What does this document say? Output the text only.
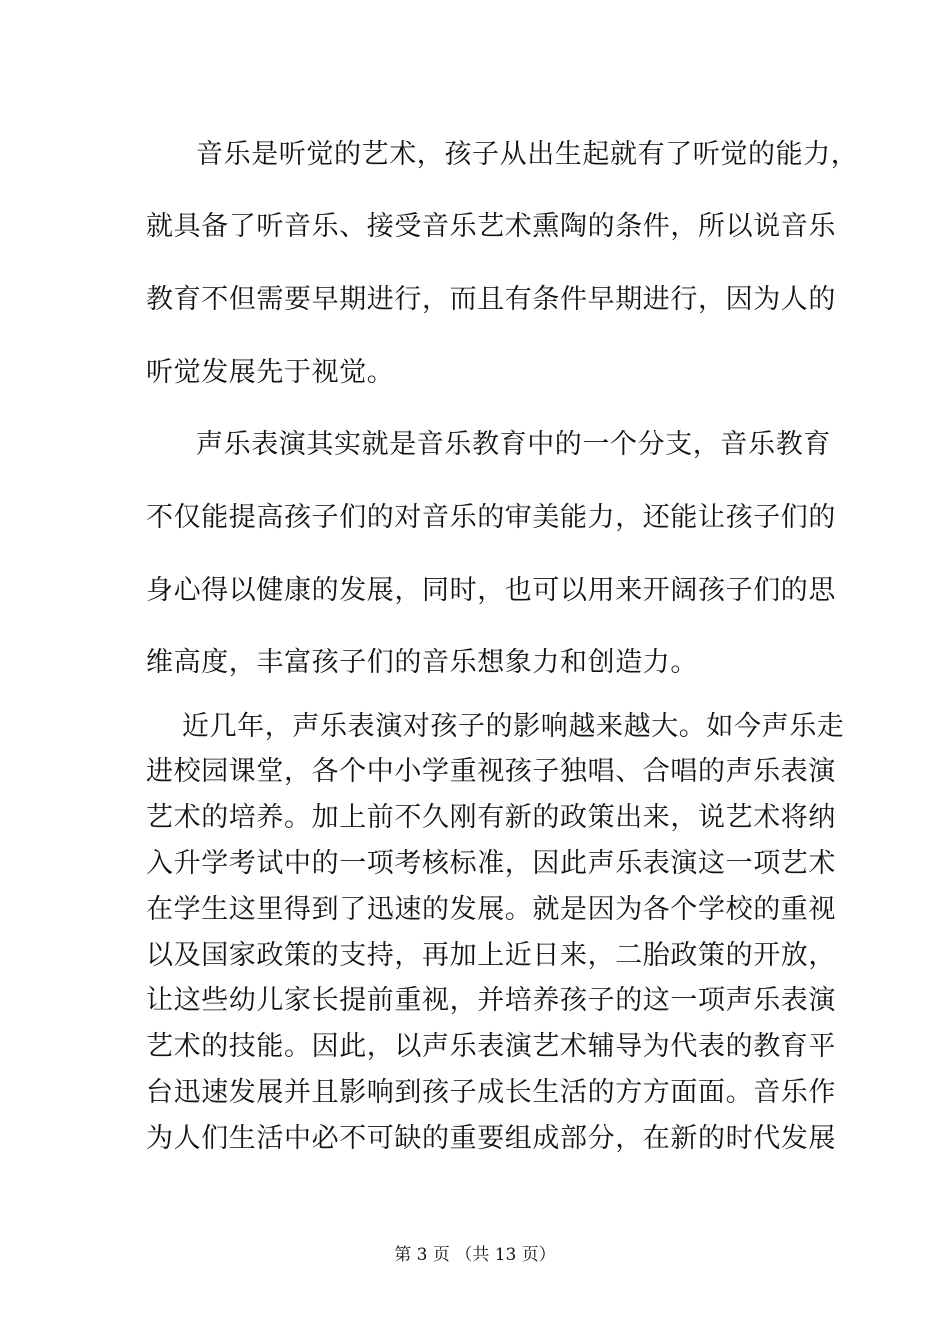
音乐是听觉的艺术，孩子从出生起就有了听觉的能力，
就具备了听音乐、接受音乐艺术熏陶的条件，所以说音乐
教育不但需要早期进行，而且有条件早期进行，因为人的
听觉发展先于视觉。
声乐表演其实就是音乐教育中的一个分支，音乐教育
不仅能提高孩子们的对音乐的审美能力，还能让孩子们的
身心得以健康的发展，同时，也可以用来开阔孩子们的思
维高度，丰富孩子们的音乐想象力和创造力。
近几年，声乐表演对孩子的影响越来越大。如今声乐走
进校园课堂，各个中小学重视孩子独唱、合唱的声乐表演
艺术的培养。加上前不久刚有新的政策出来，说艺术将纳
入升学考试中的一项考核标准，因此声乐表演这一项艺术
在学生这里得到了迅速的发展。就是因为各个学校的重视
以及国家政策的支持，再加上近日来，二胎政策的开放，
让这些幼儿家长提前重视，并培养孩子的这一项声乐表演
艺术的技能。因此，以声乐表演艺术辅导为代表的教育平
台迅速发展并且影响到孩子成长生活的方方面面。音乐作
为人们生活中必不可缺的重要组成部分，在新的时代发展
第 3 页 （共 13 页）
